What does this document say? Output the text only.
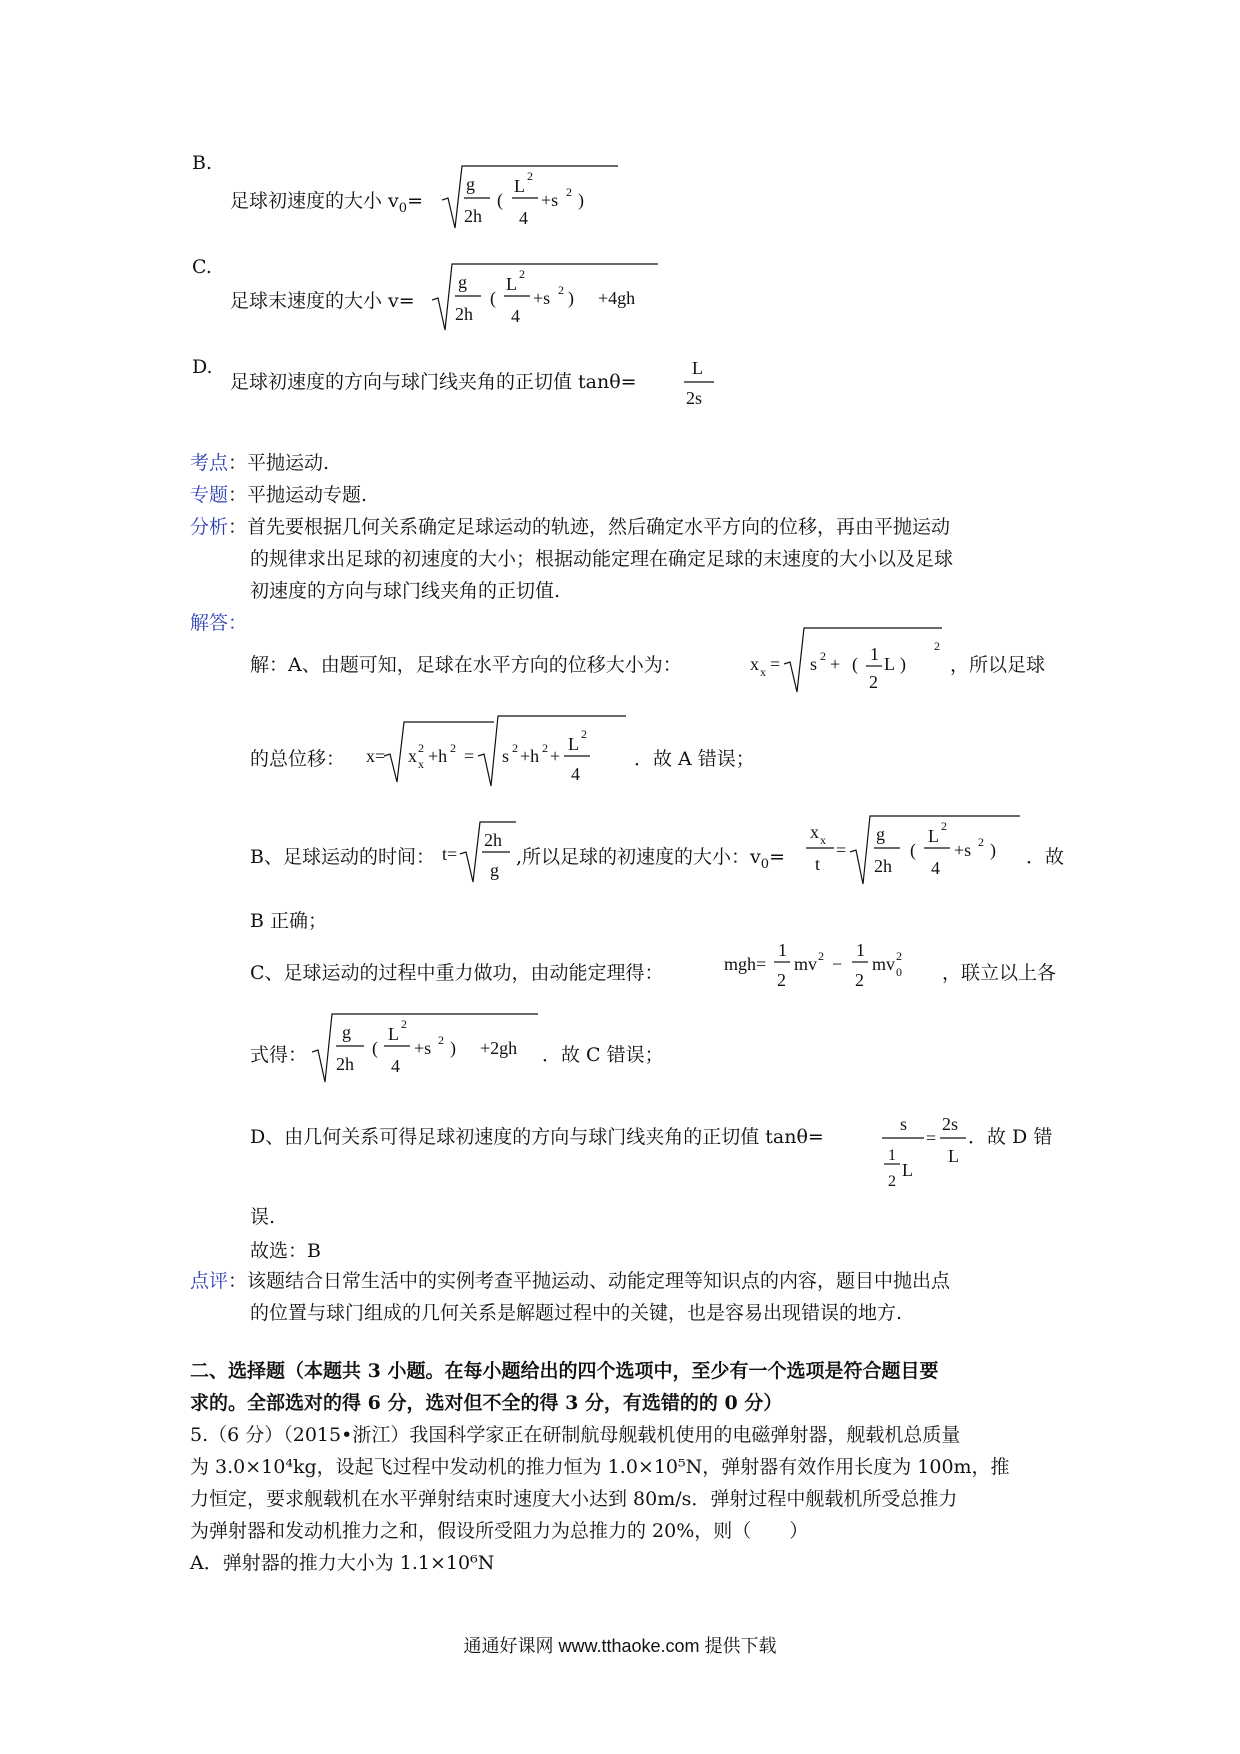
B.
足球初速度的大小 $v_0=$
g
2h
(
L 2
4
+s 2 )
C.
足球末速度的大小 v=
g
2h
(
L 2
4
+s 2 ) +4gh
D.
足球初速度的方向与球门线夹角的正切值 tanθ=
L
2s
考点：平抛运动.
专题：平抛运动专题.
分析：首先要根据几何关系确定足球运动的轨迹，然后确定水平方向的位移，再由平抛运动
的规律求出足球的初速度的大小；根据动能定理在确定足球的末速度的大小以及足球
初速度的方向与球门线夹角的正切值.
解答：
解：A、由题可知，足球在水平方向的位移大小为：	x x = s 2 + ( 1
2
L )
2
，所以足球
的总位移： x= x 2
x +h 2 = s 2 +h 2 +
L 2
4
．故 A 错误；
B、足球运动的时间： t=
2h
g
,所以足球的初速度的大小：$v_0=$
x x
t
=
g
2h
(
L 2
4
+s 2 ) ．故
B 正确；
C、足球运动的过程中重力做功，由动能定理得：	mgh=
1
2
mv 2 −
1
2
mv 2
0 ，联立以上各
式得：
g
2h
(
L 2
4
+s 2 ) +2gh ．故 C 错误；
D、由几何关系可得足球初速度的方向与球门线夹角的正切值 tanθ=
s
1
2
L
=
2s
L
．故 D 错
误.
故选：B
点评：该题结合日常生活中的实例考查平抛运动、动能定理等知识点的内容，题目中抛出点
的位置与球门组成的几何关系是解题过程中的关键，也是容易出现错误的地方.
二、选择题（本题共 3 小题。在每小题给出的四个选项中，至少有一个选项是符合题目要
求的。全部选对的得 6 分，选对但不全的得 3 分，有选错的的 0 分）
5.（6 分）（2015•浙江）我国科学家正在研制航母舰载机使用的电磁弹射器，舰载机总质量
为 3.0×10⁴kg，设起飞过程中发动机的推力恒为 1.0×10⁵N，弹射器有效作用长度为 100m，推
力恒定，要求舰载机在水平弹射结束时速度大小达到 80m/s．弹射过程中舰载机所受总推力
为弹射器和发动机推力之和，假设所受阻力为总推力的 20%，则（　　）
A．弹射器的推力大小为 1.1×10⁶N
通通好课网 www.tthaoke.com 提供下载
